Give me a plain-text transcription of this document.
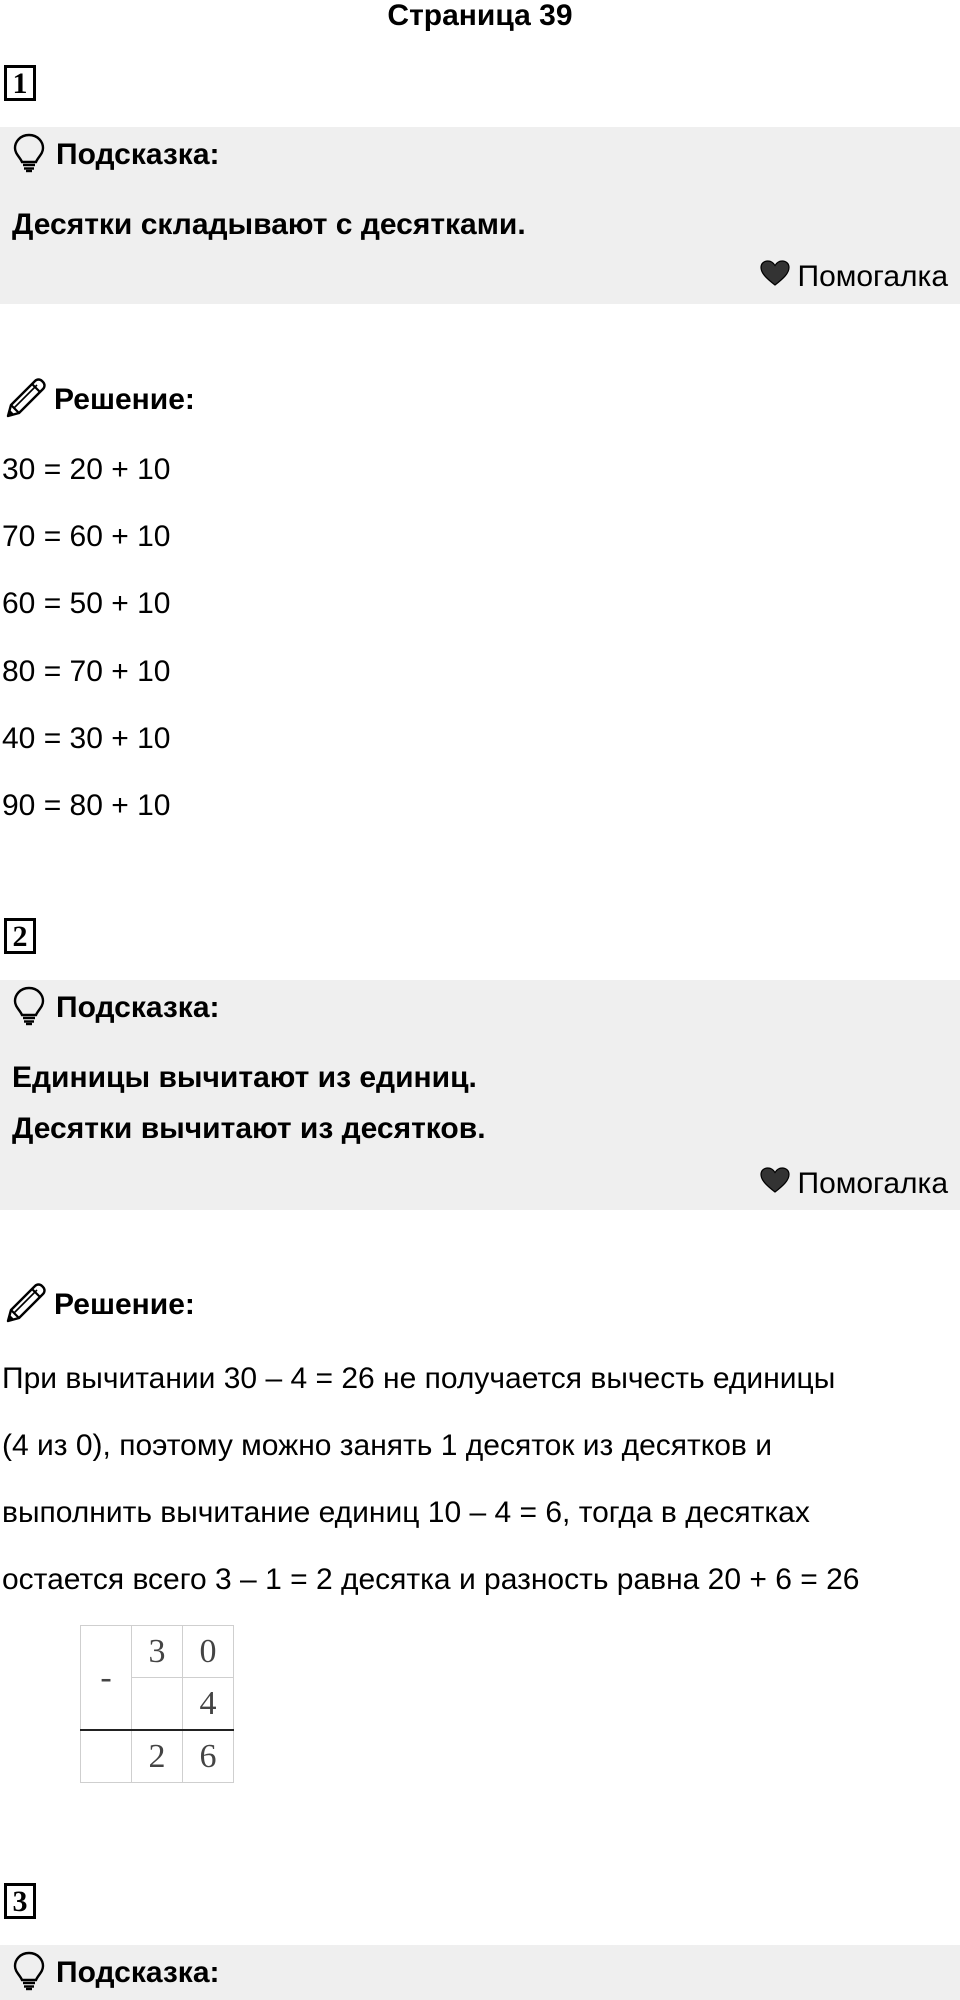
Страница 39
1
Подсказка:
Десятки складывают с десятками.
Помогалка
Решение:
30 = 20 + 10
70 = 60 + 10
60 = 50 + 10
80 = 70 + 10
40 = 30 + 10
90 = 80 + 10
2
Подсказка:
Единицы вычитают из единиц.
Десятки вычитают из десятков.
Помогалка
Решение:
При вычитании 30 – 4 = 26 не получается вычесть единицы
(4 из 0), поэтому можно занять 1 десяток из десятков и
выполнить вычитание единиц 10 – 4 = 6, тогда в десятках
остается всего 3 – 1 = 2 десятка и разность равна 20 + 6 = 26
-	3	0
		4
	2	6
3
Подсказка:
